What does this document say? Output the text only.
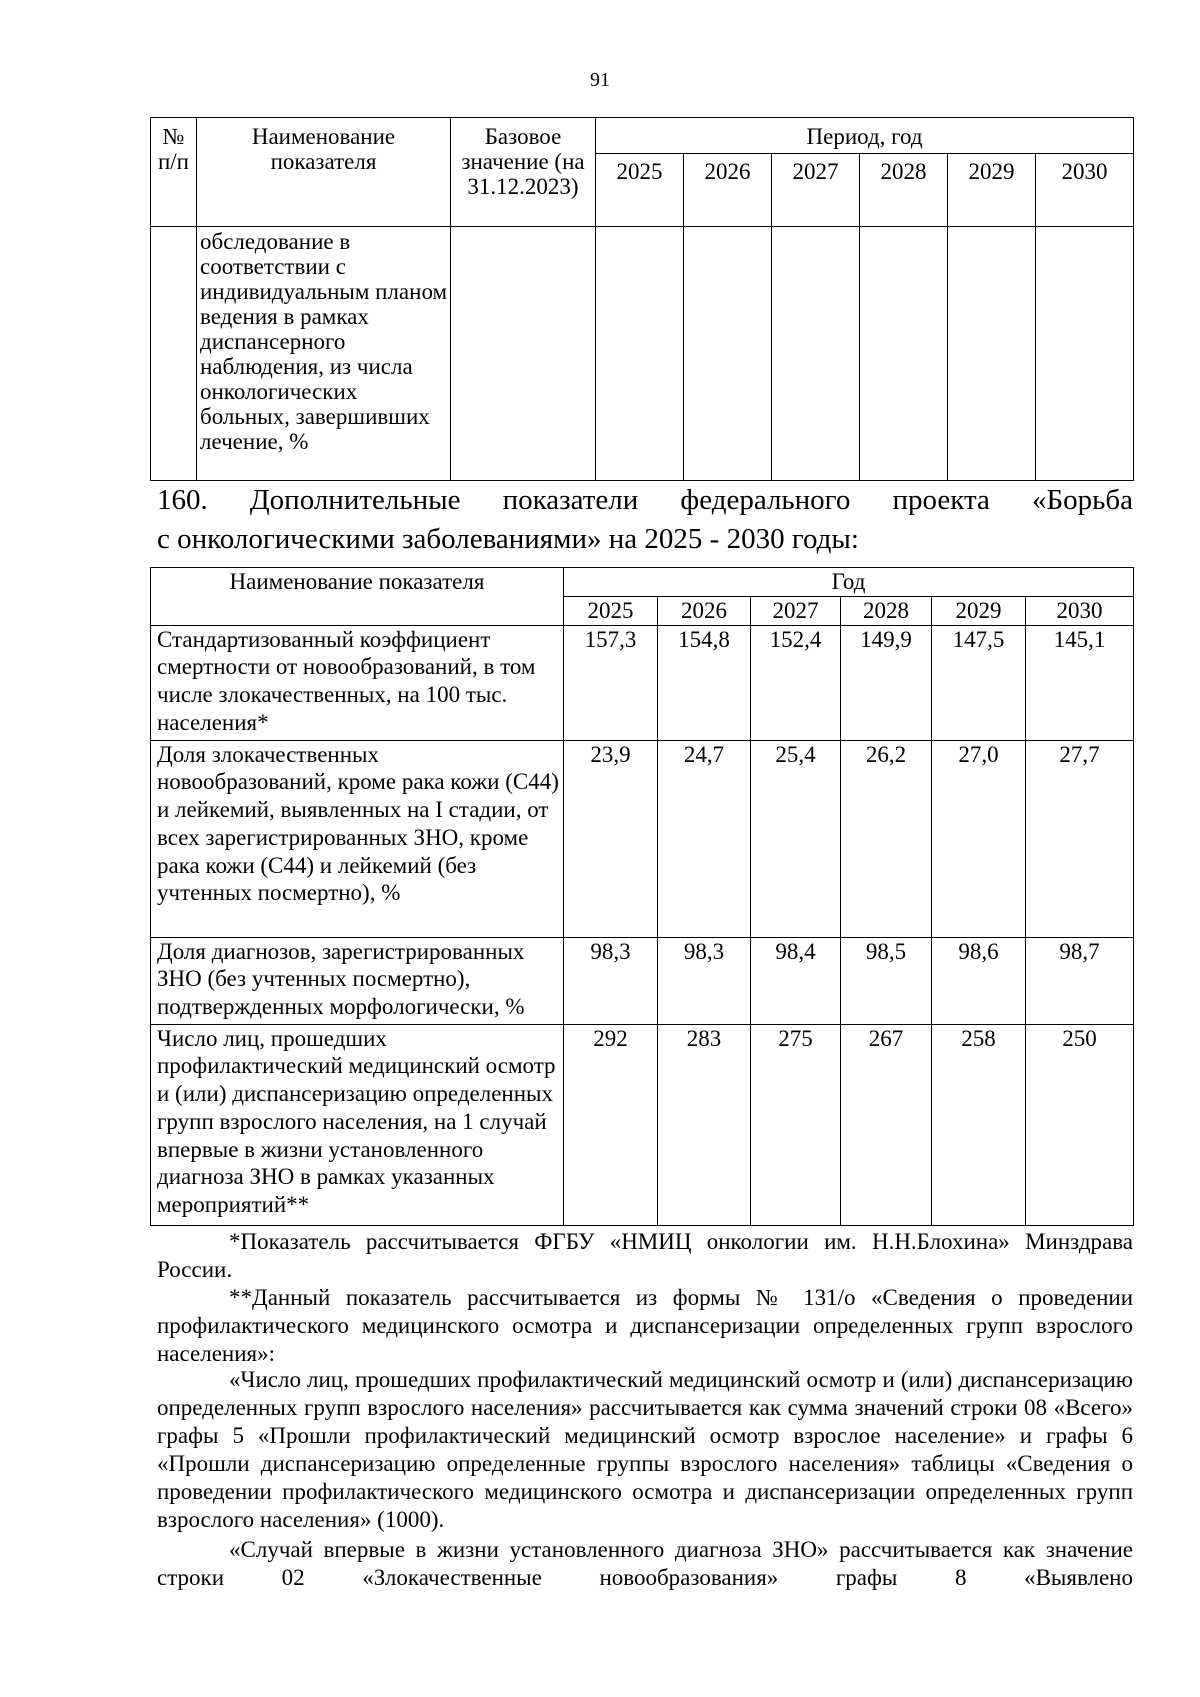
91
№ п/п	Наименование показателя	Базовое значение (на 31.12.2023)	Период, год					
			2025	2026	2027	2028	2029	2030
	обследование в соответствии с индивидуальным планом ведения в рамках диспансерного наблюдения, из числа онкологических больных, завершивших лечение, %							
160. Дополнительные показатели федерального проекта «Борьба
с онкологическими заболеваниями» на 2025 - 2030 годы:
Наименование показателя	Год					
	2025	2026	2027	2028	2029	2030
Стандартизованный коэффициент смертности от новообразований, в том числе злокачественных, на 100 тыс. населения*	157,3	154,8	152,4	149,9	147,5	145,1
Доля злокачественных новообразований, кроме рака кожи (С44) и лейкемий, выявленных на I стадии, от всех зарегистрированных ЗНО, кроме рака кожи (С44) и лейкемий (без учтенных посмертно), %	23,9	24,7	25,4	26,2	27,0	27,7
Доля диагнозов, зарегистрированных ЗНО (без учтенных посмертно), подтвержденных морфологически, %	98,3	98,3	98,4	98,5	98,6	98,7
Число лиц, прошедших профилактический медицинский осмотр и (или) диспансеризацию определенных групп взрослого населения, на 1 случай впервые в жизни установленного диагноза ЗНО в рамках указанных мероприятий**	292	283	275	267	258	250
*Показатель рассчитывается ФГБУ «НМИЦ онкологии им. Н.Н.Блохина» Минздрава России.
**Данный показатель рассчитывается из формы № 131/о «Сведения о проведении профилактического медицинского осмотра и диспансеризации определенных групп взрослого населения»:
«Число лиц, прошедших профилактический медицинский осмотр и (или) диспансеризацию определенных групп взрослого населения» рассчитывается как сумма значений строки 08 «Всего» графы 5 «Прошли профилактический медицинский осмотр взрослое население» и графы 6 «Прошли диспансеризацию определенные группы взрослого населения» таблицы «Сведения о проведении профилактического медицинского осмотра и диспансеризации определенных групп взрослого населения» (1000).
«Случай впервые в жизни установленного диагноза ЗНО» рассчитывается как значение строки 02 «Злокачественные новообразования» графы 8 «Выявлено
